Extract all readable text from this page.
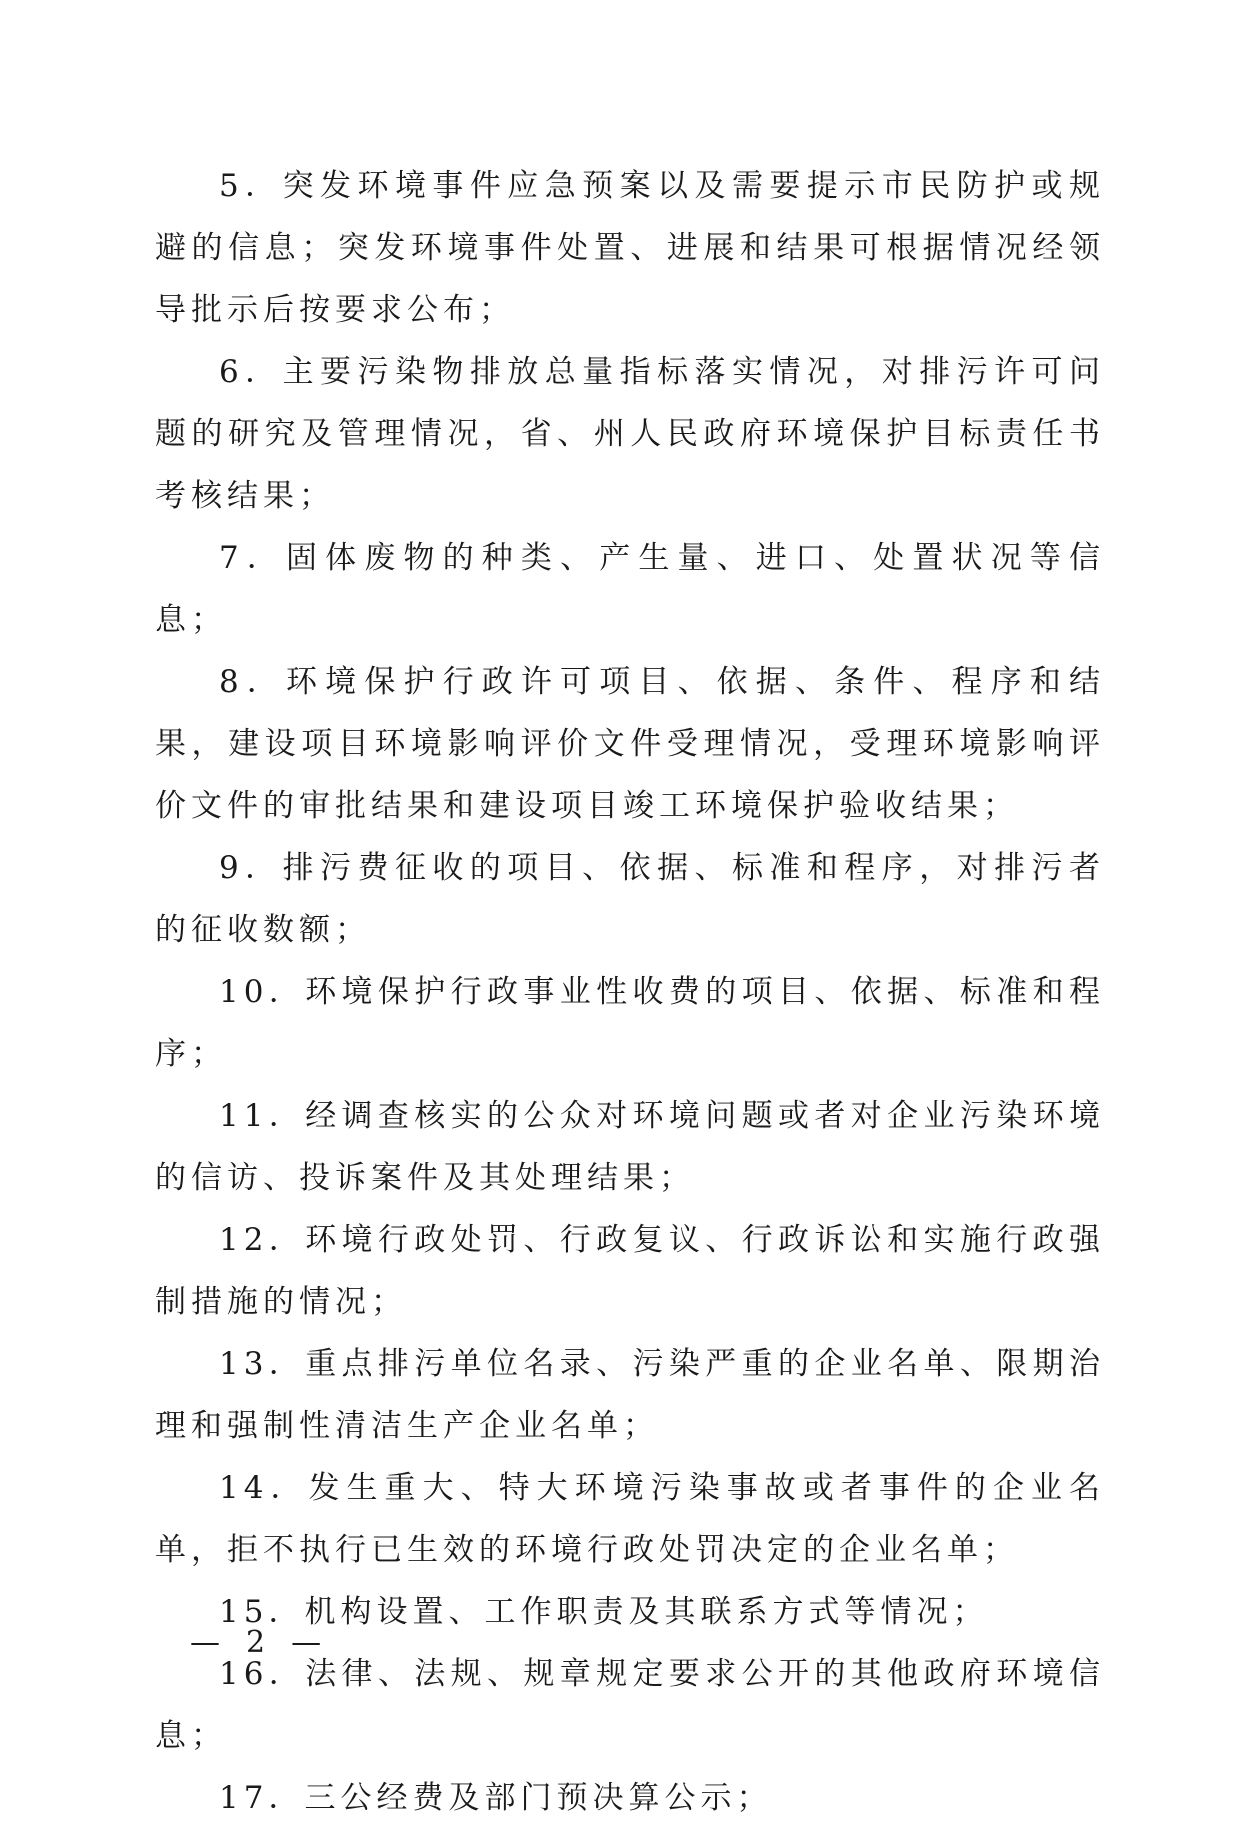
5．突发环境事件应急预案以及需要提示市民防护或规避的信息；突发环境事件处置、进展和结果可根据情况经领导批示后按要求公布；

6．主要污染物排放总量指标落实情况，对排污许可问题的研究及管理情况，省、州人民政府环境保护目标责任书考核结果；

7．固体废物的种类、产生量、进口、处置状况等信息；

8．环境保护行政许可项目、依据、条件、程序和结果，建设项目环境影响评价文件受理情况，受理环境影响评价文件的审批结果和建设项目竣工环境保护验收结果；

9．排污费征收的项目、依据、标准和程序，对排污者的征收数额；

10．环境保护行政事业性收费的项目、依据、标准和程序；

11．经调查核实的公众对环境问题或者对企业污染环境的信访、投诉案件及其处理结果；

12．环境行政处罚、行政复议、行政诉讼和实施行政强制措施的情况；

13．重点排污单位名录、污染严重的企业名单、限期治理和强制性清洁生产企业名单；

14．发生重大、特大环境污染事故或者事件的企业名单，拒不执行已生效的环境行政处罚决定的企业名单；

15．机构设置、工作职责及其联系方式等情况；

16．法律、法规、规章规定要求公开的其他政府环境信息；

17．三公经费及部门预决算公示；

— 2 —
